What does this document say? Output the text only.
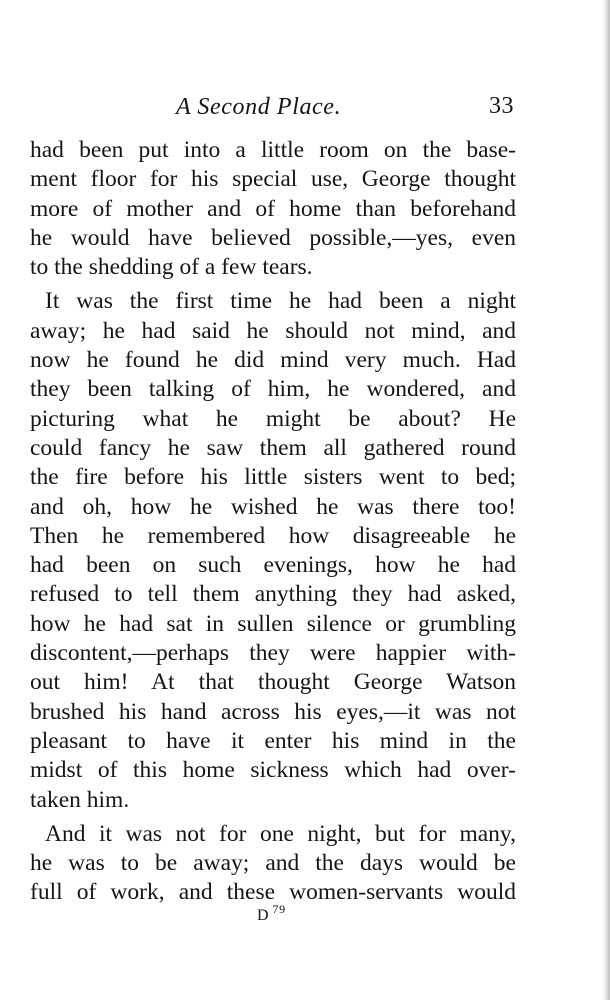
A Second Place.	33
had been put into a little room on the base-
ment floor for his special use, George thought
more of mother and of home than beforehand
he would have believed possible,—yes, even
to the shedding of a few tears.
It was the first time he had been a night
away; he had said he should not mind, and
now he found he did mind very much. Had
they been talking of him, he wondered, and
picturing what he might be about? He
could fancy he saw them all gathered round
the fire before his little sisters went to bed;
and oh, how he wished he was there too!
Then he remembered how disagreeable he
had been on such evenings, how he had
refused to tell them anything they had asked,
how he had sat in sullen silence or grumbling
discontent,—perhaps they were happier with-
out him! At that thought George Watson
brushed his hand across his eyes,—it was not
pleasant to have it enter his mind in the
midst of this home sickness which had over-
taken him.
And it was not for one night, but for many,
he was to be away; and the days would be
full of work, and these women-servants would
D $^{79}$
